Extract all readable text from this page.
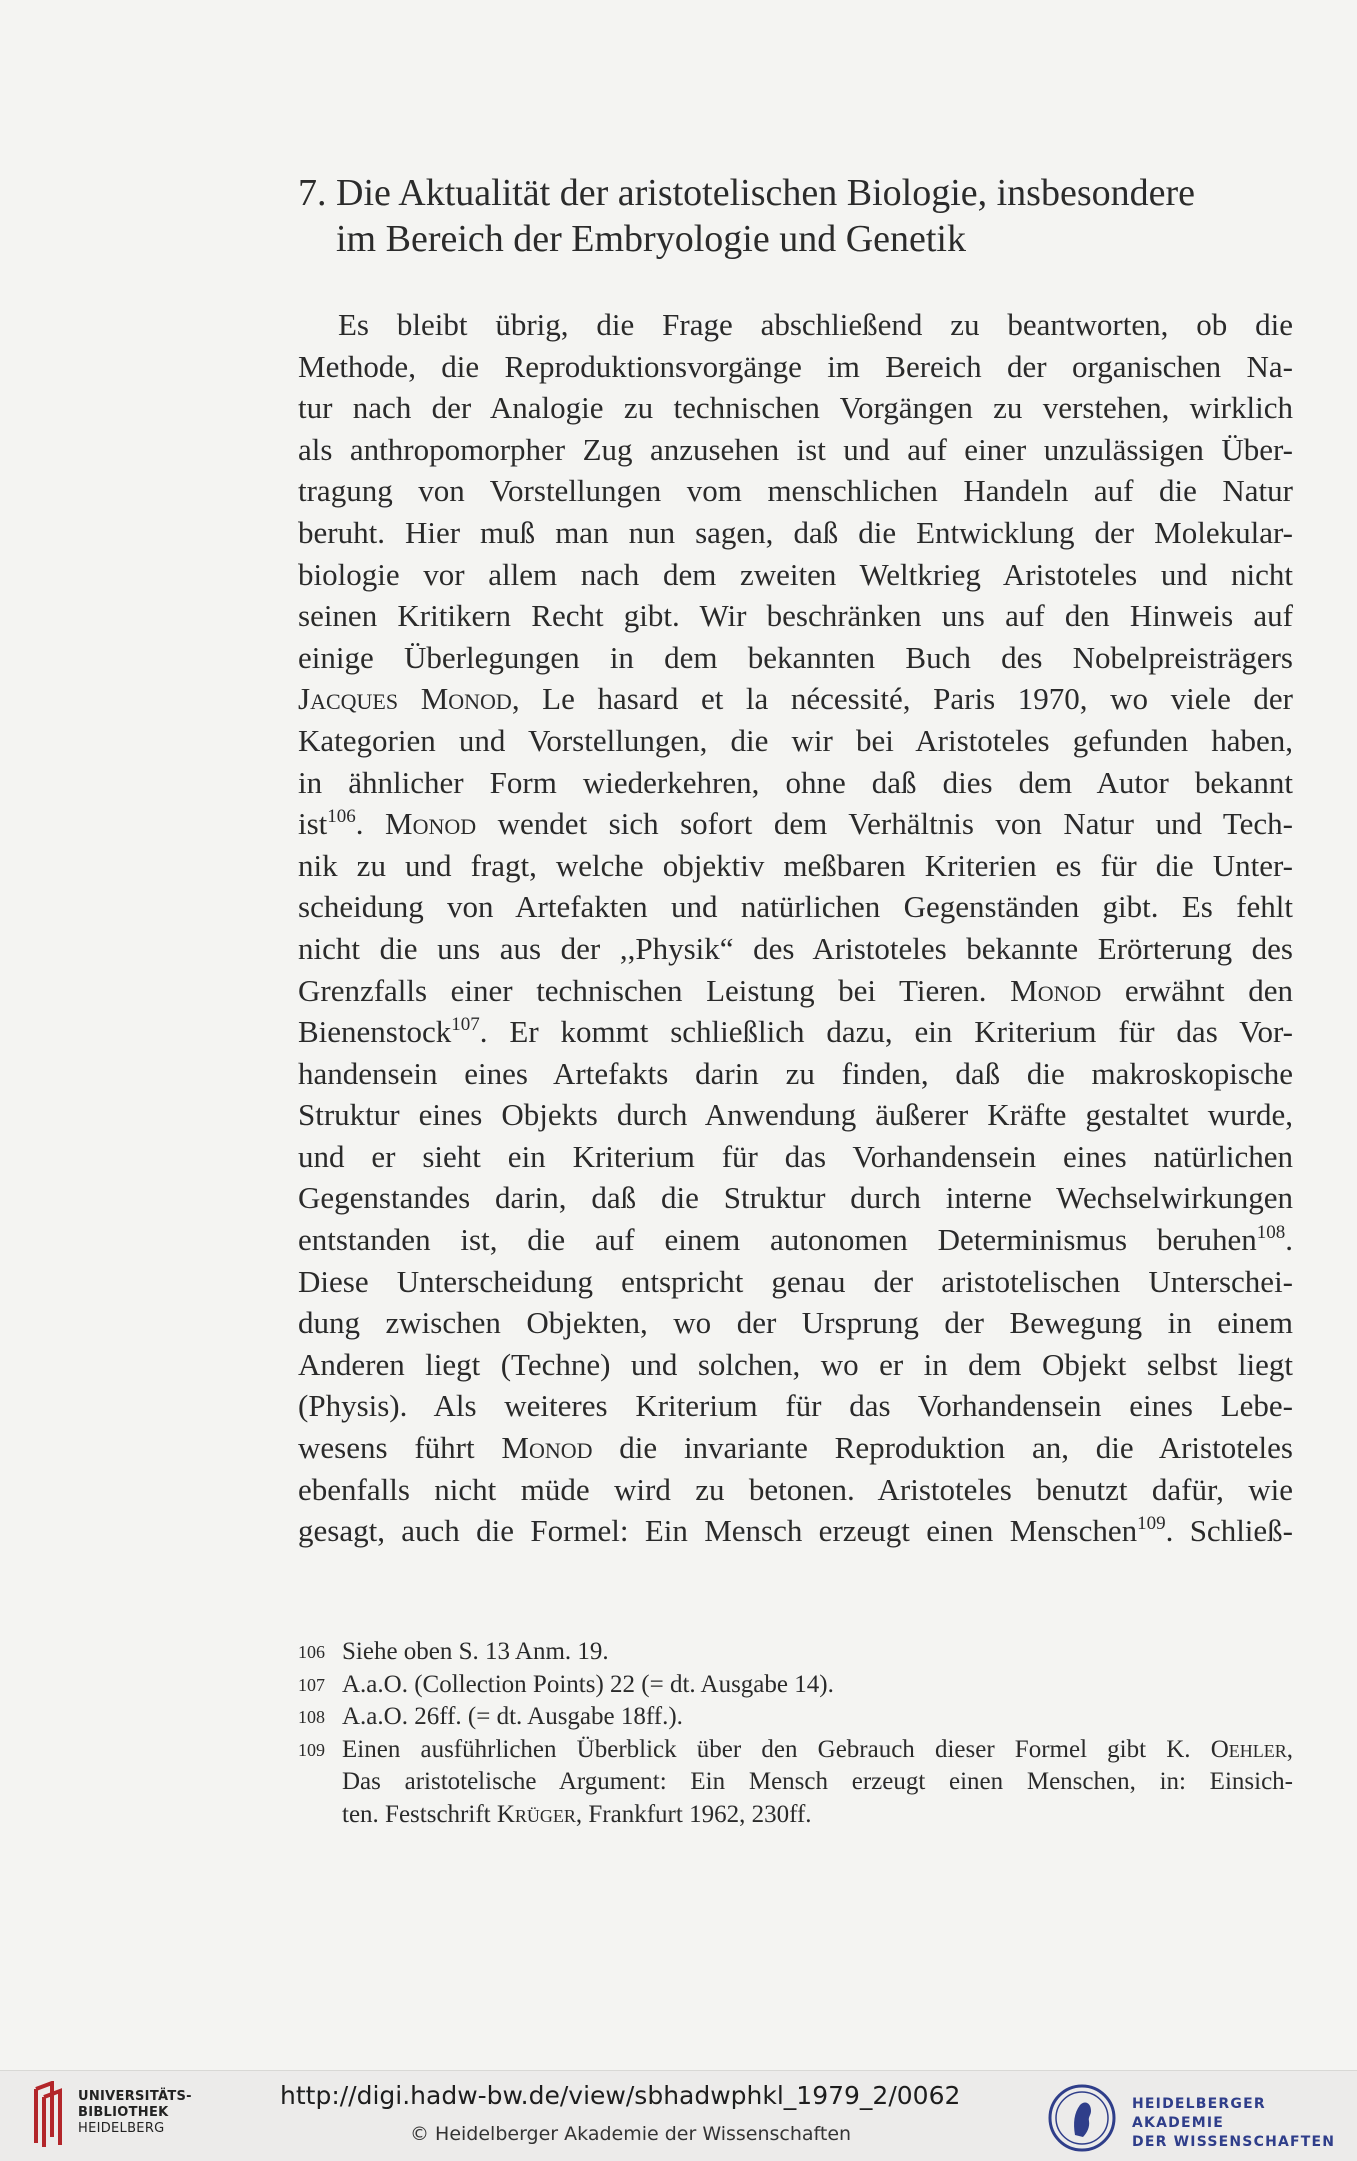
7. Die Aktualität der aristotelischen Biologie, insbesondere
im Bereich der Embryologie und Genetik
Es bleibt übrig, die Frage abschließend zu beantworten, ob die
Methode, die Reproduktionsvorgänge im Bereich der organischen Na-
tur nach der Analogie zu technischen Vorgängen zu verstehen, wirklich
als anthropomorpher Zug anzusehen ist und auf einer unzulässigen Über-
tragung von Vorstellungen vom menschlichen Handeln auf die Natur
beruht. Hier muß man nun sagen, daß die Entwicklung der Molekular-
biologie vor allem nach dem zweiten Weltkrieg Aristoteles und nicht
seinen Kritikern Recht gibt. Wir beschränken uns auf den Hinweis auf
einige Überlegungen in dem bekannten Buch des Nobelpreisträgers
Jacques Monod, Le hasard et la nécessité, Paris 1970, wo viele der
Kategorien und Vorstellungen, die wir bei Aristoteles gefunden haben,
in ähnlicher Form wiederkehren, ohne daß dies dem Autor bekannt
ist$^{106}$. Monod wendet sich sofort dem Verhältnis von Natur und Tech-
nik zu und fragt, welche objektiv meßbaren Kriterien es für die Unter-
scheidung von Artefakten und natürlichen Gegenständen gibt. Es fehlt
nicht die uns aus der ,,Physik“ des Aristoteles bekannte Erörterung des
Grenzfalls einer technischen Leistung bei Tieren. Monod erwähnt den
Bienenstock$^{107}$. Er kommt schließlich dazu, ein Kriterium für das Vor-
handensein eines Artefakts darin zu finden, daß die makroskopische
Struktur eines Objekts durch Anwendung äußerer Kräfte gestaltet wurde,
und er sieht ein Kriterium für das Vorhandensein eines natürlichen
Gegenstandes darin, daß die Struktur durch interne Wechselwirkungen
entstanden ist, die auf einem autonomen Determinismus beruhen$^{108}$.
Diese Unterscheidung entspricht genau der aristotelischen Unterschei-
dung zwischen Objekten, wo der Ursprung der Bewegung in einem
Anderen liegt (Techne) und solchen, wo er in dem Objekt selbst liegt
(Physis). Als weiteres Kriterium für das Vorhandensein eines Lebe-
wesens führt Monod die invariante Reproduktion an, die Aristoteles
ebenfalls nicht müde wird zu betonen. Aristoteles benutzt dafür, wie
gesagt, auch die Formel: Ein Mensch erzeugt einen Menschen$^{109}$. Schließ-
106 Siehe oben S. 13 Anm. 19.
107 A.a.O. (Collection Points) 22 (= dt. Ausgabe 14).
108 A.a.O. 26ff. (= dt. Ausgabe 18ff.).
109 Einen ausführlichen Überblick über den Gebrauch dieser Formel gibt K. Oehler,
Das aristotelische Argument: Ein Mensch erzeugt einen Menschen, in: Einsich-
ten. Festschrift Krüger, Frankfurt 1962, 230ff.
UNIVERSITÄTS-
BIBLIOTHEK
HEIDELBERG
http://digi.hadw-bw.de/view/sbhadwphkl_1979_2/0062
© Heidelberger Akademie der Wissenschaften
HEIDELBERGER AKADEMIE
DER WISSENSCHAFTEN
